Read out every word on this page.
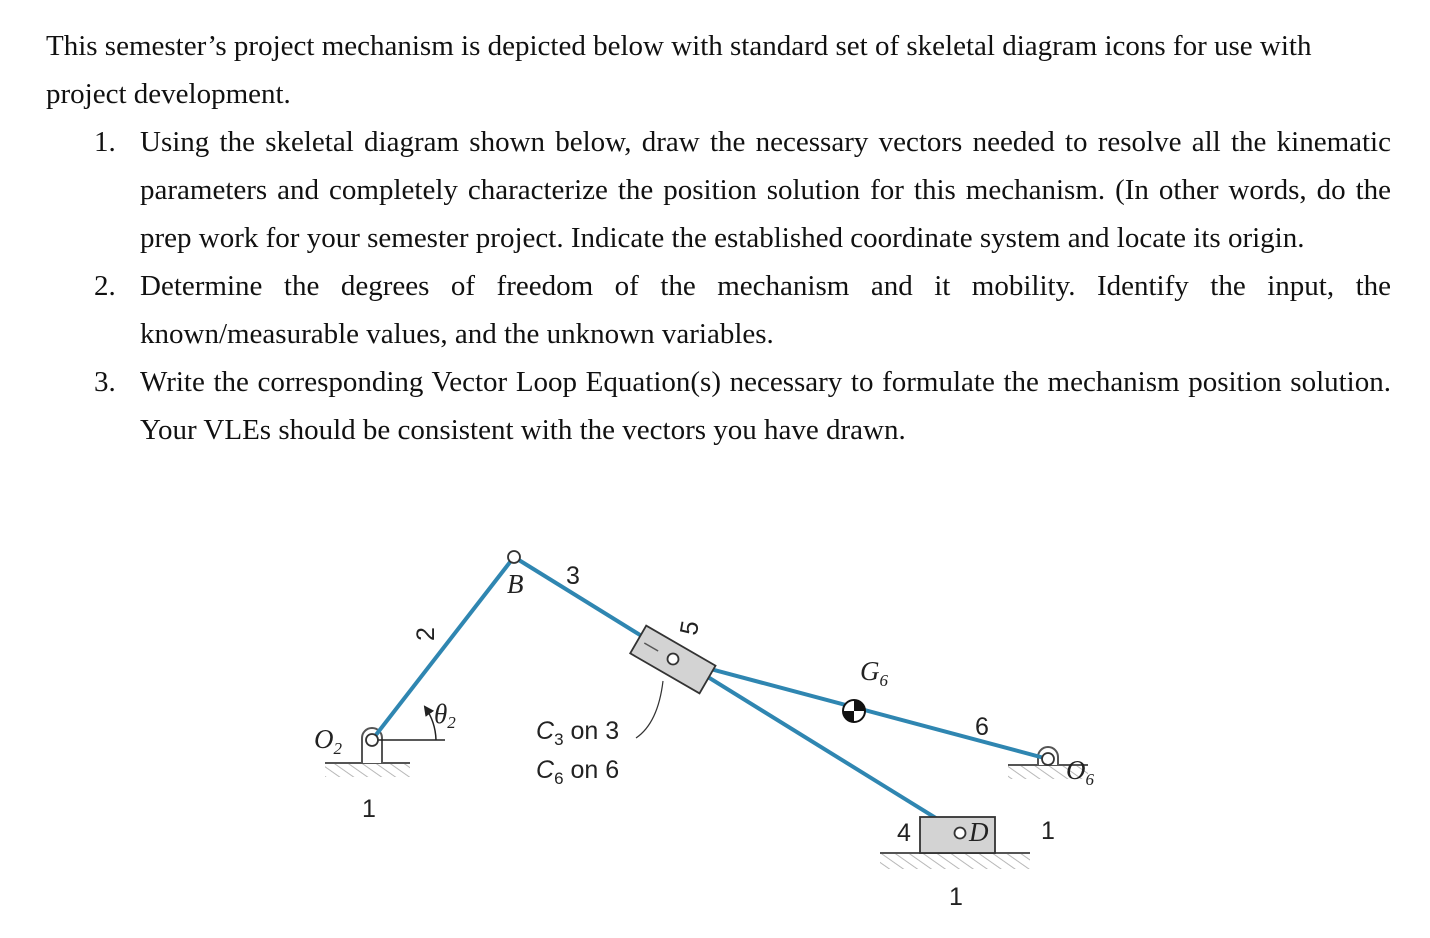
This semester’s project mechanism is depicted below with standard set of skeletal diagram icons for use with project development.

1. Using the skeletal diagram shown below, draw the necessary vectors needed to resolve all the kinematic parameters and completely characterize the position solution for this mechanism. (In other words, do the prep work for your semester project. Indicate the established coordinate system and locate its origin.
2. Determine the degrees of freedom of the mechanism and it mobility. Identify the input, the known/measurable values, and the unknown variables.
3. Write the corresponding Vector Loop Equation(s) necessary to formulate the mechanism position solution. Your VLEs should be consistent with the vectors you have drawn.
$O_2$
1
2
θ2
B 3
$C_3$ on 3
$C_6$ on 6
5
$G_6$
6
4 D 1
1
$O_6$
